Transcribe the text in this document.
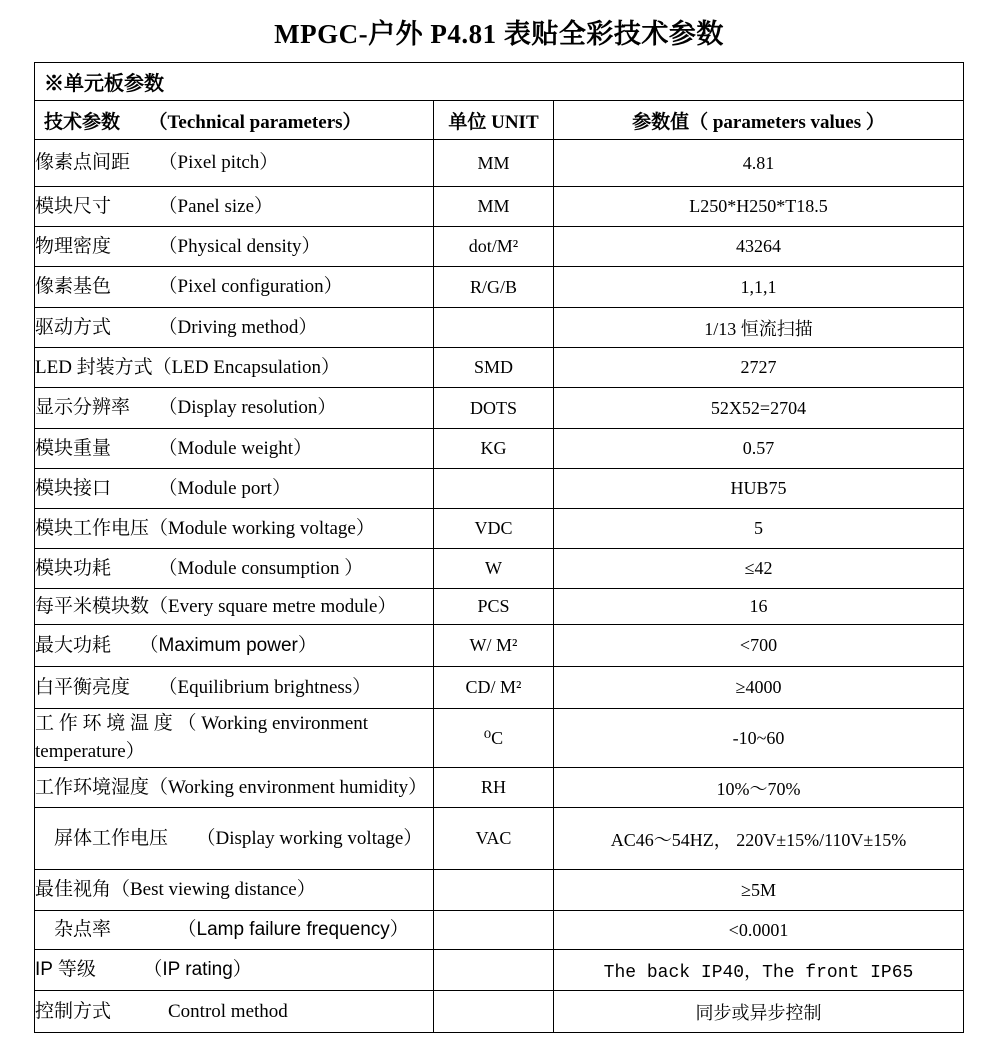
MPGC-户外 P4.81 表贴全彩技术参数
※单元板参数		
技术参数　　（Technical parameters）	单位 UNIT	参数值（ parameters values ）
像素点间距　　（Pixel pitch）	MM	4.81
模块尺寸　　　（Panel size）	MM	L250*H250*T18.5
物理密度　　　（Physical density）	dot/M²	43264
像素基色　　　（Pixel configuration）	R/G/B	1,1,1
驱动方式　　　（Driving method）		1/13 恒流扫描
LED 封装方式（LED Encapsulation）	SMD	2727
显示分辨率　　（Display resolution）	DOTS	52X52=2704
模块重量　　　（Module weight）	KG	0.57
模块接口　　　（Module port）		HUB75
模块工作电压（Module working voltage）	VDC	5
模块功耗　　　（Module consumption ）	W	≤42
每平米模块数（Every square metre module）	PCS	16
最大功耗　　（Maximum power）	W/ M²	<700
白平衡亮度　　（Equilibrium brightness）	CD/ M²	≥4000
工 作 环 境 温 度 （ Working environment temperature）	⁰C	-10~60
工作环境湿度（Working environment humidity）	RH	10%～70%
　屏体工作电压　　（Display working voltage）	VAC	AC46～54HZ， 220V±15%/110V±15%
最佳视角（Best viewing distance）		≥5M
　杂点率　　　　（Lamp failure frequency）		<0.0001
IP 等级　　　（IP rating）		The back IP40，The front IP65
控制方式　　　Control method		同步或异步控制
